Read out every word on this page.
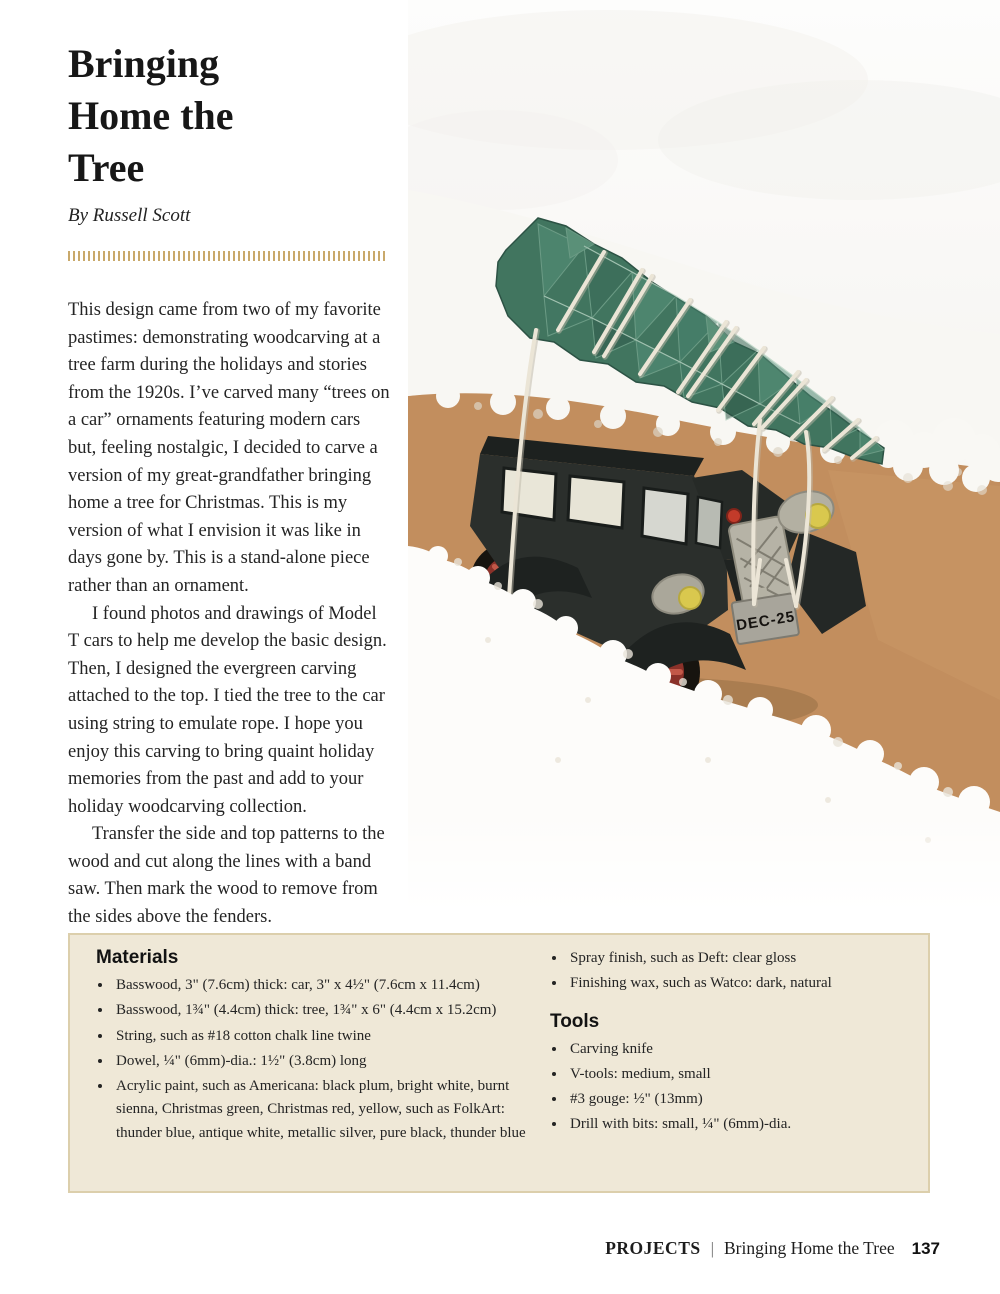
DEC-25
Bringing
Home the
Tree
By Russell Scott

This design came from two of my favorite pastimes: demonstrating woodcarving at a tree farm during the holidays and stories from the 1920s. I’ve carved many “trees on a car” ornaments featuring modern cars but, feeling nostalgic, I decided to carve a version of my great-grandfather bringing home a tree for Christmas. This is my version of what I envision it was like in days gone by. This is a stand-alone piece rather than an ornament.

I found photos and drawings of Model T cars to help me develop the basic design. Then, I designed the evergreen carving attached to the top. I tied the tree to the car using string to emulate rope. I hope you enjoy this carving to bring quaint holiday memories from the past and add to your holiday woodcarving collection.

Transfer the side and top patterns to the wood and cut along the lines with a band saw. Then mark the wood to remove from the sides above the fenders.

Materials
• Basswood, 3" (7.6cm) thick: car, 3" x 4½" (7.6cm x 11.4cm)
• Basswood, 1¾" (4.4cm) thick: tree, 1¾" x 6" (4.4cm x 15.2cm)
• String, such as #18 cotton chalk line twine
• Dowel, ¼" (6mm)-dia.: 1½" (3.8cm) long
• Acrylic paint, such as Americana: black plum, bright white, burnt sienna, Christmas green, Christmas red, yellow, such as FolkArt: thunder blue, antique white, metallic silver, pure black, thunder blue
• Spray finish, such as Deft: clear gloss
• Finishing wax, such as Watco: dark, natural
Tools
• Carving knife
• V-tools: medium, small
• #3 gouge: ½" (13mm)
• Drill with bits: small, ¼" (6mm)-dia.
PROJECTS | Bringing Home the Tree 137
